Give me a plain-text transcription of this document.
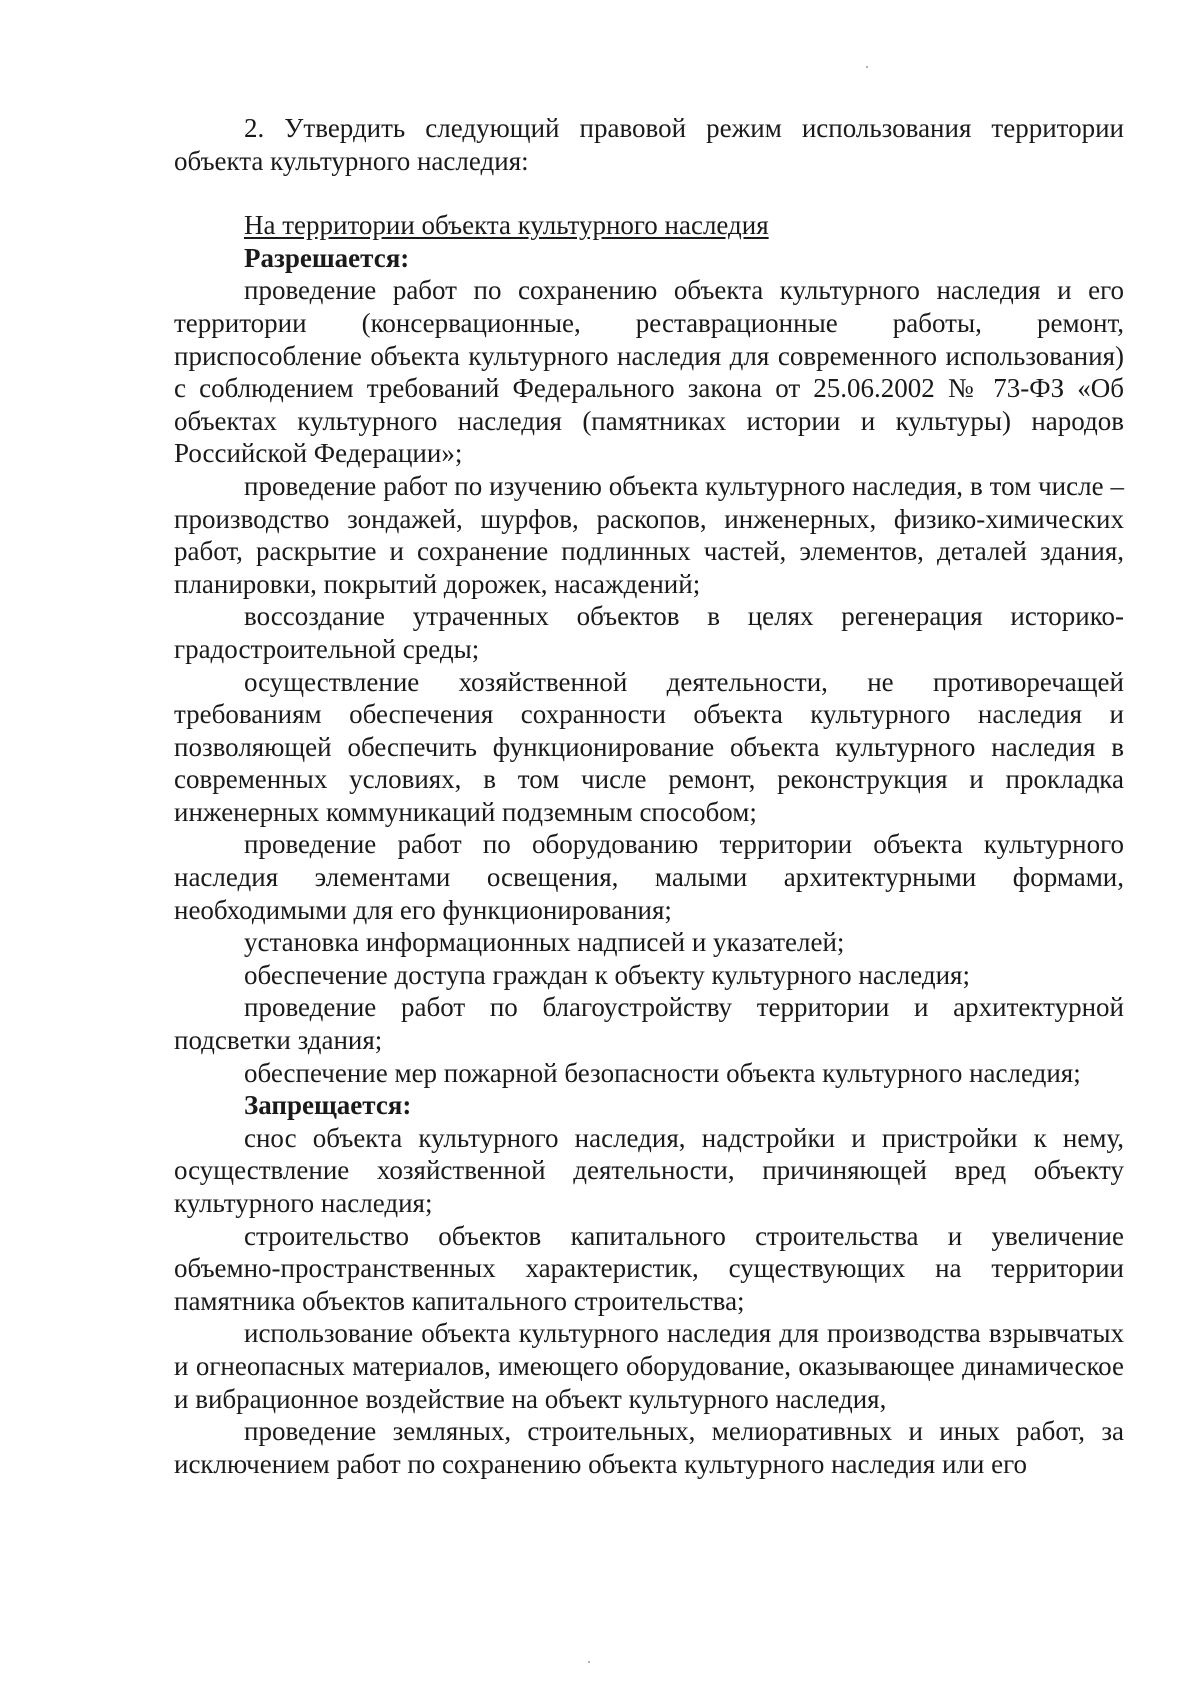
2. Утвердить следующий правовой режим использования территории объекта культурного наследия:

На территории объекта культурного наследия

Разрешается:

проведение работ по сохранению объекта культурного наследия и его территории (консервационные, реставрационные работы, ремонт, приспособление объекта культурного наследия для современного использования) с соблюдением требований Федерального закона от 25.06.2002 № 73-ФЗ «Об объектах культурного наследия (памятниках истории и культуры) народов Российской Федерации»;

проведение работ по изучению объекта культурного наследия, в том числе – производство зондажей, шурфов, раскопов, инженерных, физико-химических работ, раскрытие и сохранение подлинных частей, элементов, деталей здания, планировки, покрытий дорожек, насаждений;

воссоздание утраченных объектов в целях регенерация историко-градостроительной среды;

осуществление хозяйственной деятельности, не противоречащей требованиям обеспечения сохранности объекта культурного наследия и позволяющей обеспечить функционирование объекта культурного наследия в современных условиях, в том числе ремонт, реконструкция и прокладка инженерных коммуникаций подземным способом;

проведение работ по оборудованию территории объекта культурного наследия элементами освещения, малыми архитектурными формами, необходимыми для его функционирования;

установка информационных надписей и указателей;

обеспечение доступа граждан к объекту культурного наследия;

проведение работ по благоустройству территории и архитектурной подсветки здания;

обеспечение мер пожарной безопасности объекта культурного наследия;

Запрещается:

снос объекта культурного наследия, надстройки и пристройки к нему, осуществление хозяйственной деятельности, причиняющей вред объекту культурного наследия;

строительство объектов капитального строительства и увеличение объемно-пространственных характеристик, существующих на территории памятника объектов капитального строительства;

использование объекта культурного наследия для производства взрывчатых и огнеопасных материалов, имеющего оборудование, оказывающее динамическое и вибрационное воздействие на объект культурного наследия,

проведение земляных, строительных, мелиоративных и иных работ, за исключением работ по сохранению объекта культурного наследия или его
